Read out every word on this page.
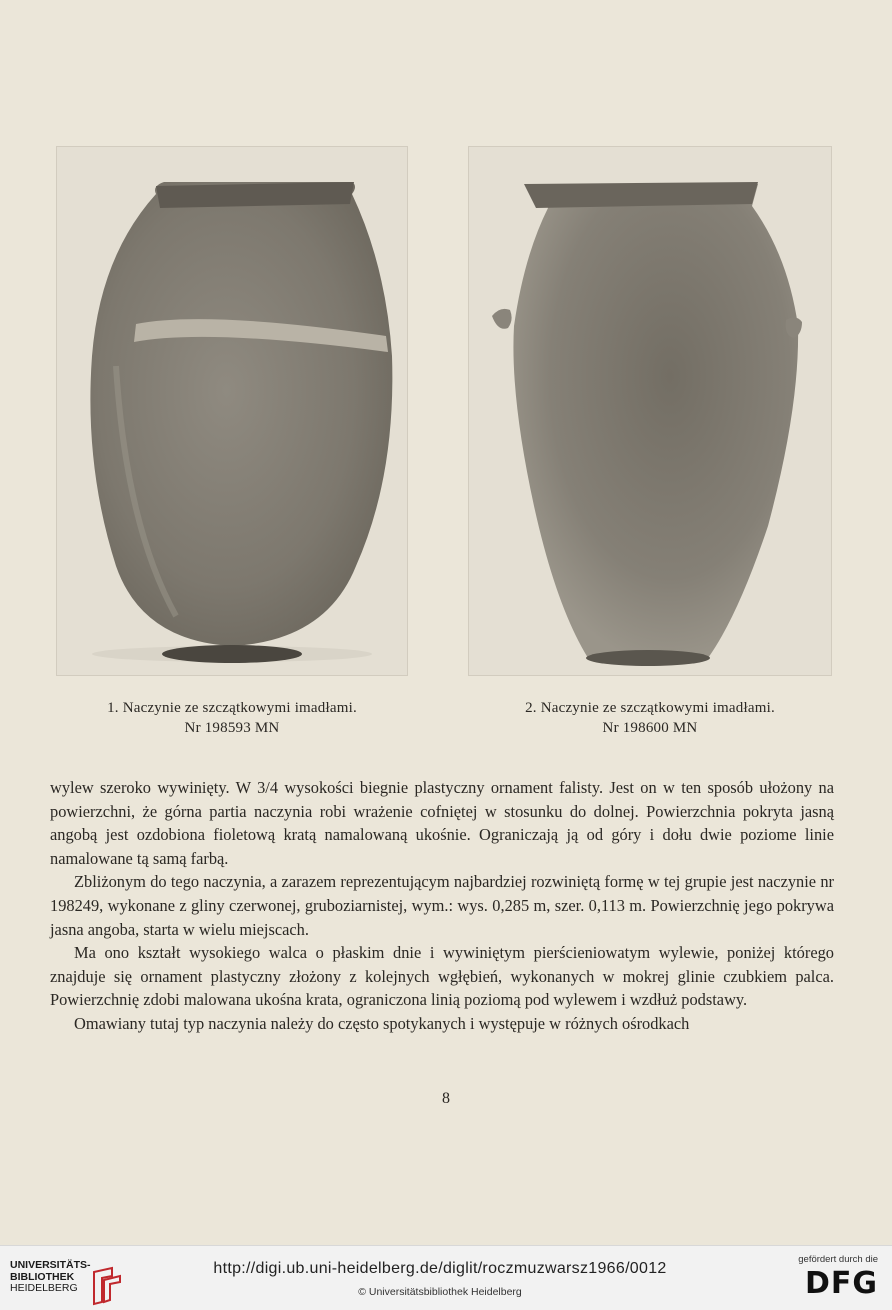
1. Naczynie ze szczątkowymi imadłami.
Nr 198593 MN
2. Naczynie ze szczątkowymi imadłami.
Nr 198600 MN

wylew szeroko wywinięty. W 3/4 wysokości biegnie plastyczny ornament falisty. Jest on w ten sposób ułożony na powierzchni, że górna partia naczynia robi wrażenie cofniętej w stosunku do dolnej. Powierzchnia pokryta jasną angobą jest ozdobiona fioletową kratą namalowaną ukośnie. Ograniczają ją od góry i dołu dwie poziome linie namalowane tą samą farbą.

Zbliżonym do tego naczynia, a zarazem reprezentującym najbardziej rozwiniętą formę w tej grupie jest naczynie nr 198249, wykonane z gliny czerwonej, gruboziarnistej, wym.: wys. 0,285 m, szer. 0,113 m. Powierzchnię jego pokrywa jasna angoba, starta w wielu miejscach.

Ma ono kształt wysokiego walca o płaskim dnie i wywiniętym pierścieniowatym wylewie, poniżej którego znajduje się ornament plastyczny złożony z kolejnych wgłębień, wykonanych w mokrej glinie czubkiem palca. Powierzchnię zdobi malowana ukośna krata, ograniczona linią poziomą pod wylewem i wzdłuż podstawy.

Omawiany tutaj typ naczynia należy do często spotykanych i występuje w różnych ośrodkach

8
UNIVERSITÄTS-
BIBLIOTHEK
HEIDELBERG
http://digi.ub.uni-heidelberg.de/diglit/roczmuzwarsz1966/0012
© Universitätsbibliothek Heidelberg
gefördert durch die
DFG
